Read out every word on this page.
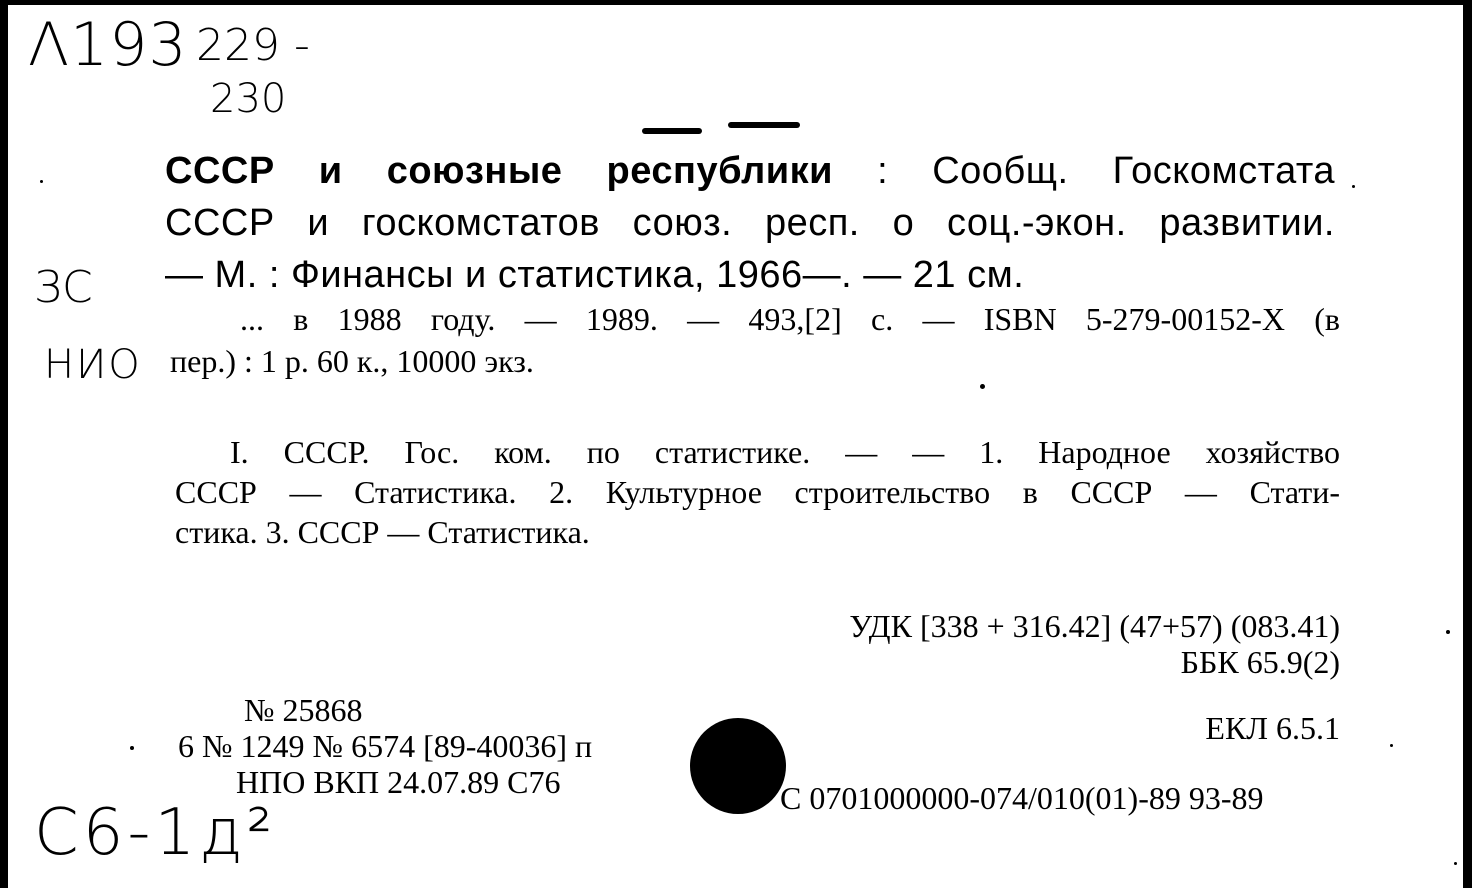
Λ193 229 -
230
ЗС
НИО
С6-1д²
СССР и союзные республики : Сообщ. Госкомстата
СССР и госкомстатов союз. респ. о соц.-экон. развитии.
— М. : Финансы и статистика, 1966—. — 21 см.
... в 1988 году. — 1989. — 493,[2] с. — ISBN 5-279-00152-X (в
пер.) : 1 р. 60 к., 10000 экз.
I. СССР. Гос. ком. по статистике. — — 1. Народное хозяйство
СССР — Статистика. 2. Культурное строительство в СССР — Стати-
стика. 3. СССР — Статистика.
УДК [338 + 316.42] (47+57) (083.41)
ББК 65.9(2)
ЕКЛ 6.5.1
С 0701000000-074/010(01)-89 93-89
№ 25868
6 № 1249 № 6574 [89-40036] п
НПО ВКП 24.07.89 С76
